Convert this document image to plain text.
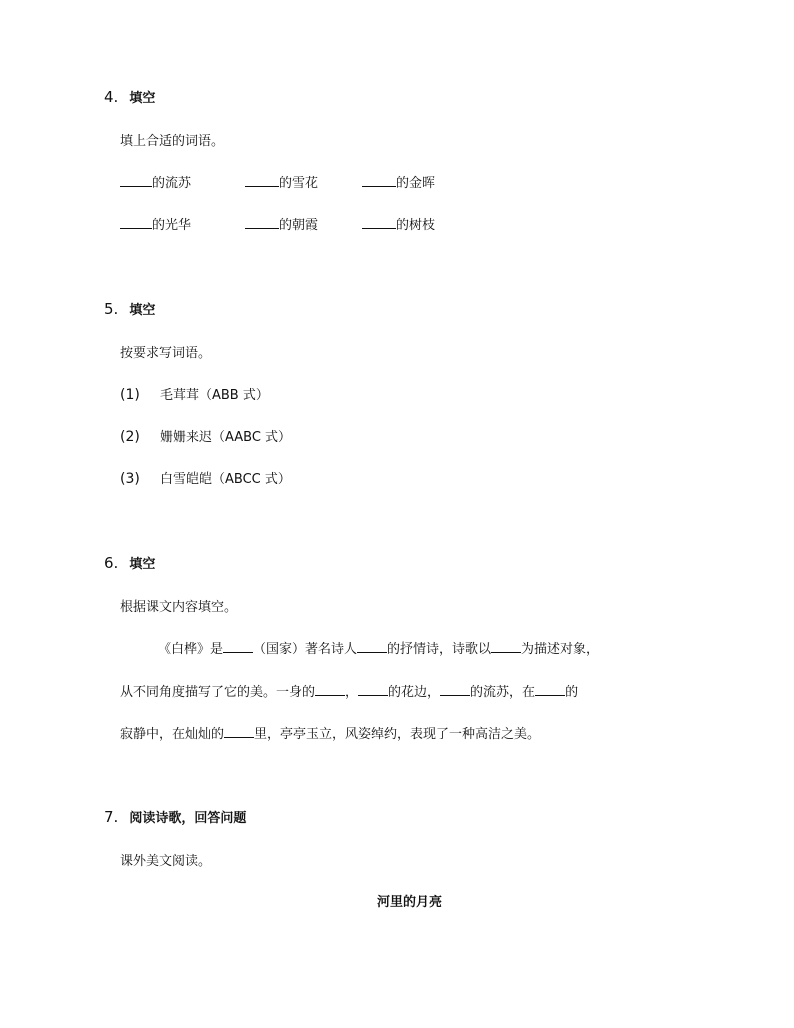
4. 填空
填上合适的词语。
的流苏	的雪花	的金晖
的光华	的朝霞	的树枝
5. 填空
按要求写词语。
(1) 毛茸茸（ABB 式）
(2) 姗姗来迟（AABC 式）
(3) 白雪皑皑（ABCC 式）
6. 填空
根据课文内容填空。
《白桦》是 （国家）著名诗人 的抒情诗，诗歌以 为描述对象，
从不同角度描写了它的美。一身的 ， 的花边， 的流苏，在 的
寂静中，在灿灿的 里，亭亭玉立，风姿绰约，表现了一种高洁之美。
7. 阅读诗歌，回答问题
课外美文阅读。
河里的月亮
